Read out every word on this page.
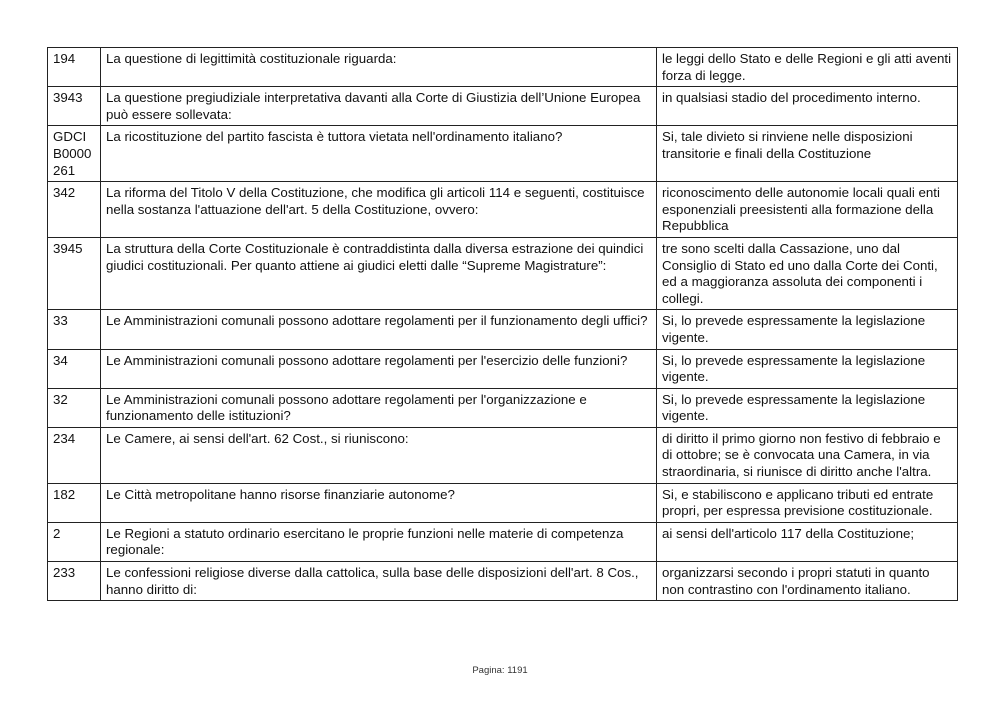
194	La questione di legittimità costituzionale riguarda:	le leggi dello Stato e delle Regioni e gli atti aventi forza di legge.
3943	La questione pregiudiziale interpretativa davanti alla Corte di Giustizia dell’Unione Europea può essere sollevata:	in qualsiasi stadio del procedimento interno.
GDCIB0000261	La ricostituzione del partito fascista è tuttora vietata nell'ordinamento italiano?	Si, tale divieto si rinviene nelle disposizioni transitorie e finali della Costituzione
342	La riforma del Titolo V della Costituzione, che modifica gli articoli 114 e seguenti, costituisce nella sostanza l'attuazione dell'art. 5 della Costituzione, ovvero:	riconoscimento delle autonomie locali quali enti esponenziali preesistenti alla formazione della Repubblica
3945	La struttura della Corte Costituzionale è contraddistinta dalla diversa estrazione dei quindici giudici costituzionali. Per quanto attiene ai giudici eletti dalle “Supreme Magistrature”:	tre sono scelti dalla Cassazione, uno dal Consiglio di Stato ed uno dalla Corte dei Conti, ed a maggioranza assoluta dei componenti i collegi.
33	Le Amministrazioni comunali possono adottare regolamenti per il funzionamento degli uffici?	Si, lo prevede espressamente la legislazione vigente.
34	Le Amministrazioni comunali possono adottare regolamenti per l'esercizio delle funzioni?	Si, lo prevede espressamente la legislazione vigente.
32	Le Amministrazioni comunali possono adottare regolamenti per l'organizzazione e funzionamento delle istituzioni?	Si, lo prevede espressamente la legislazione vigente.
234	Le Camere, ai sensi dell'art. 62 Cost., si riuniscono:	di diritto il primo giorno non festivo di febbraio e di ottobre; se è convocata una Camera, in via straordinaria, si riunisce di diritto anche l'altra.
182	Le Città metropolitane hanno risorse finanziarie autonome?	Si, e stabiliscono e applicano tributi ed entrate propri, per espressa previsione costituzionale.
2	Le Regioni a statuto ordinario esercitano le proprie funzioni nelle materie di competenza regionale:	ai sensi dell'articolo 117 della Costituzione;
233	Le confessioni religiose diverse dalla cattolica, sulla base delle disposizioni dell'art. 8 Cos., hanno diritto di:	organizzarsi secondo i propri statuti in quanto non contrastino con l'ordinamento italiano.
Pagina: 1191
